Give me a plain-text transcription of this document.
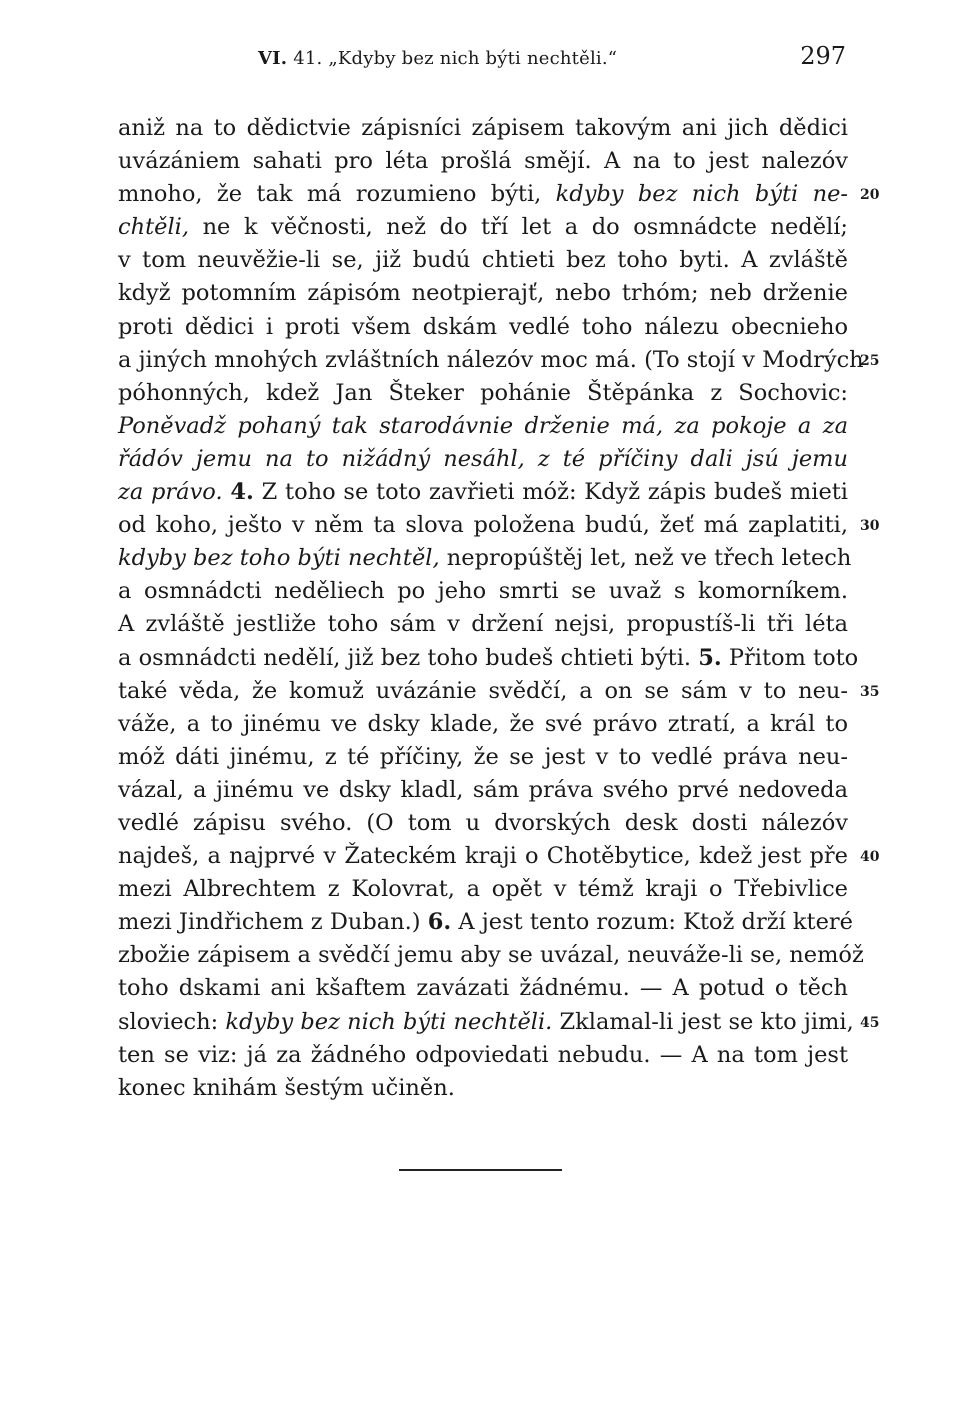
VI. 41. „Kdyby bez nich býti nechtěli.“	297
aniž na to dědictvie zápisníci zápisem takovým ani jich dědici
uvázániem sahati pro léta prošlá smějí. A na to jest nalezóv
mnoho, že tak má rozumieno býti, kdyby bez nich býti ne-
chtěli, ne k věčnosti, než do tří let a do osmnádcte nedělí;
v tom neuvěžie-li se, již budú chtieti bez toho byti. A zvláště
když potomním zápisóm neotpierajť, nebo trhóm; neb drženie
proti dědici i proti všem dskám vedlé toho nálezu obecnieho
a jiných mnohých zvláštních nálezóv moc má. (To stojí v Modrých
póhonných, kdež Jan Šteker pohánie Štěpánka z Sochovic:
Poněvadž pohaný tak starodávnie drženie má, za pokoje a za
řádóv jemu na to nižádný nesáhl, z té příčiny dali jsú jemu
za právo. 4. Z toho se toto zavřieti móž: Když zápis budeš mieti
od koho, ješto v něm ta slova položena budú, žeť má zaplatiti,
kdyby bez toho býti nechtěl, nepropúštěj let, než ve třech letech
a osmnádcti neděliech po jeho smrti se uvaž s komorníkem.
A zvláště jestliže toho sám v držení nejsi, propustíš-li tři léta
a osmnádcti nedělí, již bez toho budeš chtieti býti. 5. Přitom toto
také věda, že komuž uvázánie svědčí, a on se sám v to neu-
váže, a to jinému ve dsky klade, že své právo ztratí, a král to
móž dáti jinému, z té příčiny, že se jest v to vedlé práva neu-
vázal, a jinému ve dsky kladl, sám práva svého prvé nedoveda
vedlé zápisu svého. (O tom u dvorských desk dosti nálezóv
najdeš, a najprvé v Žateckém kraji o Chotěbytice, kdež jest pře
mezi Albrechtem z Kolovrat, a opět v témž kraji o Třebivlice
mezi Jindřichem z Duban.) 6. A jest tento rozum: Ktož drží které
zbožie zápisem a svědčí jemu aby se uvázal, neuváže-li se, nemóž
toho dskami ani kšaftem zavázati žádnému. — A potud o těch
sloviech: kdyby bez nich býti nechtěli. Zklamal-li jest se kto jimi,
ten se viz: já za žádného odpoviedati nebudu. — A na tom jest
konec knihám šestým učiněn.
20
25
30
35
40
45
